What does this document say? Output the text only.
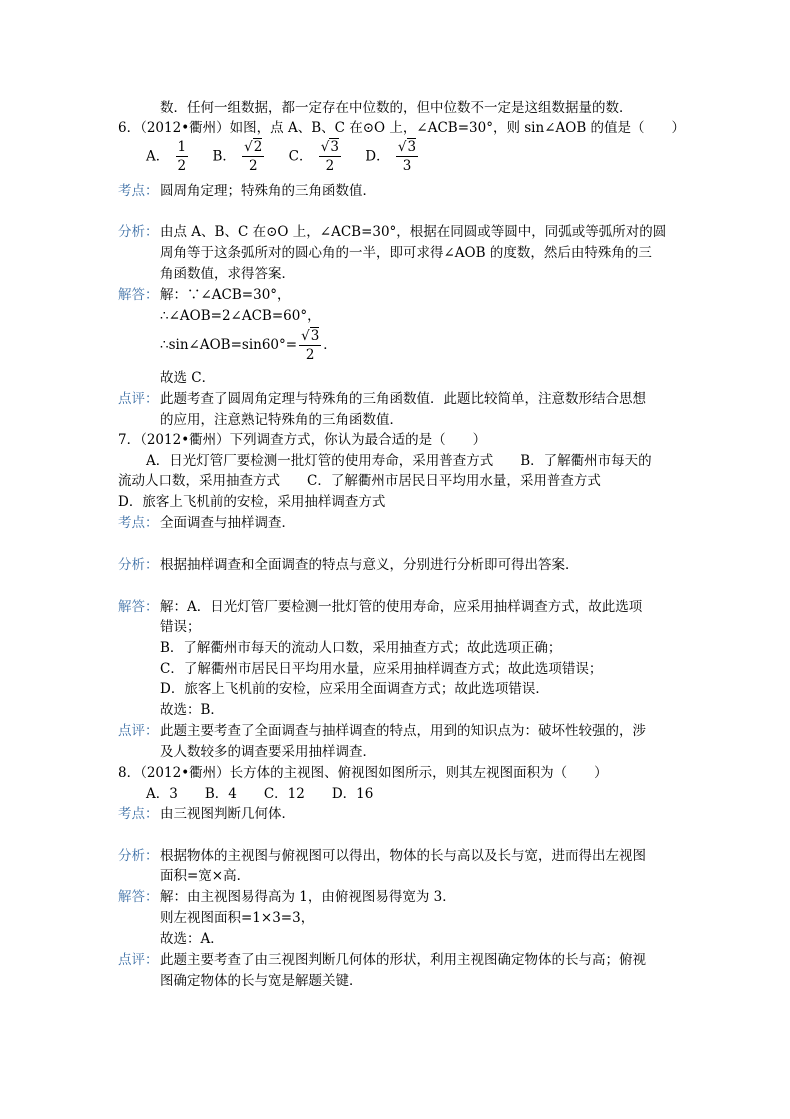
数．任何一组数据，都一定存在中位数的，但中位数不一定是这组数据量的数．
6．（2012•衢州）如图，点 A、B、C 在⊙O 上，∠ACB=30°，则 sin∠AOB 的值是（　　）
A． $\frac{1}{2}$ B． $\frac{√2}{2}$ C． $\frac{√3}{2}$ D． $\frac{√3}{3}$
考点： 圆周角定理；特殊角的三角函数值．
分析： 由点 A、B、C 在⊙O 上，∠ACB=30°，根据在同圆或等圆中，同弧或等弧所对的圆
周角等于这条弧所对的圆心角的一半，即可求得∠AOB 的度数，然后由特殊角的三
角函数值，求得答案．
解答： 解：∵∠ACB=30°，
∴∠AOB=2∠ACB=60°，
∴sin∠AOB=sin60°= $\frac{√3}{2}$ ．
故选 C．
点评： 此题考查了圆周角定理与特殊角的三角函数值．此题比较简单，注意数形结合思想
的应用，注意熟记特殊角的三角函数值．
7．（2012•衢州）下列调查方式，你认为最合适的是（　　）
A．日光灯管厂要检测一批灯管的使用寿命，采用普查方式　　B．了解衢州市每天的
流动人口数，采用抽查方式　　C．了解衢州市居民日平均用水量，采用普查方式
D．旅客上飞机前的安检，采用抽样调查方式
考点： 全面调查与抽样调查．
分析： 根据抽样调查和全面调查的特点与意义，分别进行分析即可得出答案．
解答： 解：A．日光灯管厂要检测一批灯管的使用寿命，应采用抽样调查方式，故此选项
错误；
B．了解衢州市每天的流动人口数，采用抽查方式；故此选项正确；
C．了解衢州市居民日平均用水量，应采用抽样调查方式；故此选项错误；
D．旅客上飞机前的安检，应采用全面调查方式；故此选项错误．
故选：B．
点评： 此题主要考查了全面调查与抽样调查的特点，用到的知识点为：破坏性较强的，涉
及人数较多的调查要采用抽样调查．
8．（2012•衢州）长方体的主视图、俯视图如图所示，则其左视图面积为（　　）
A．3　　B．4　　C．12　　D．16
考点： 由三视图判断几何体．
分析： 根据物体的主视图与俯视图可以得出，物体的长与高以及长与宽，进而得出左视图
面积=宽×高．
解答： 解：由主视图易得高为 1，由俯视图易得宽为 3．
则左视图面积=1×3=3，
故选：A．
点评： 此题主要考查了由三视图判断几何体的形状，利用主视图确定物体的长与高；俯视
图确定物体的长与宽是解题关键．
